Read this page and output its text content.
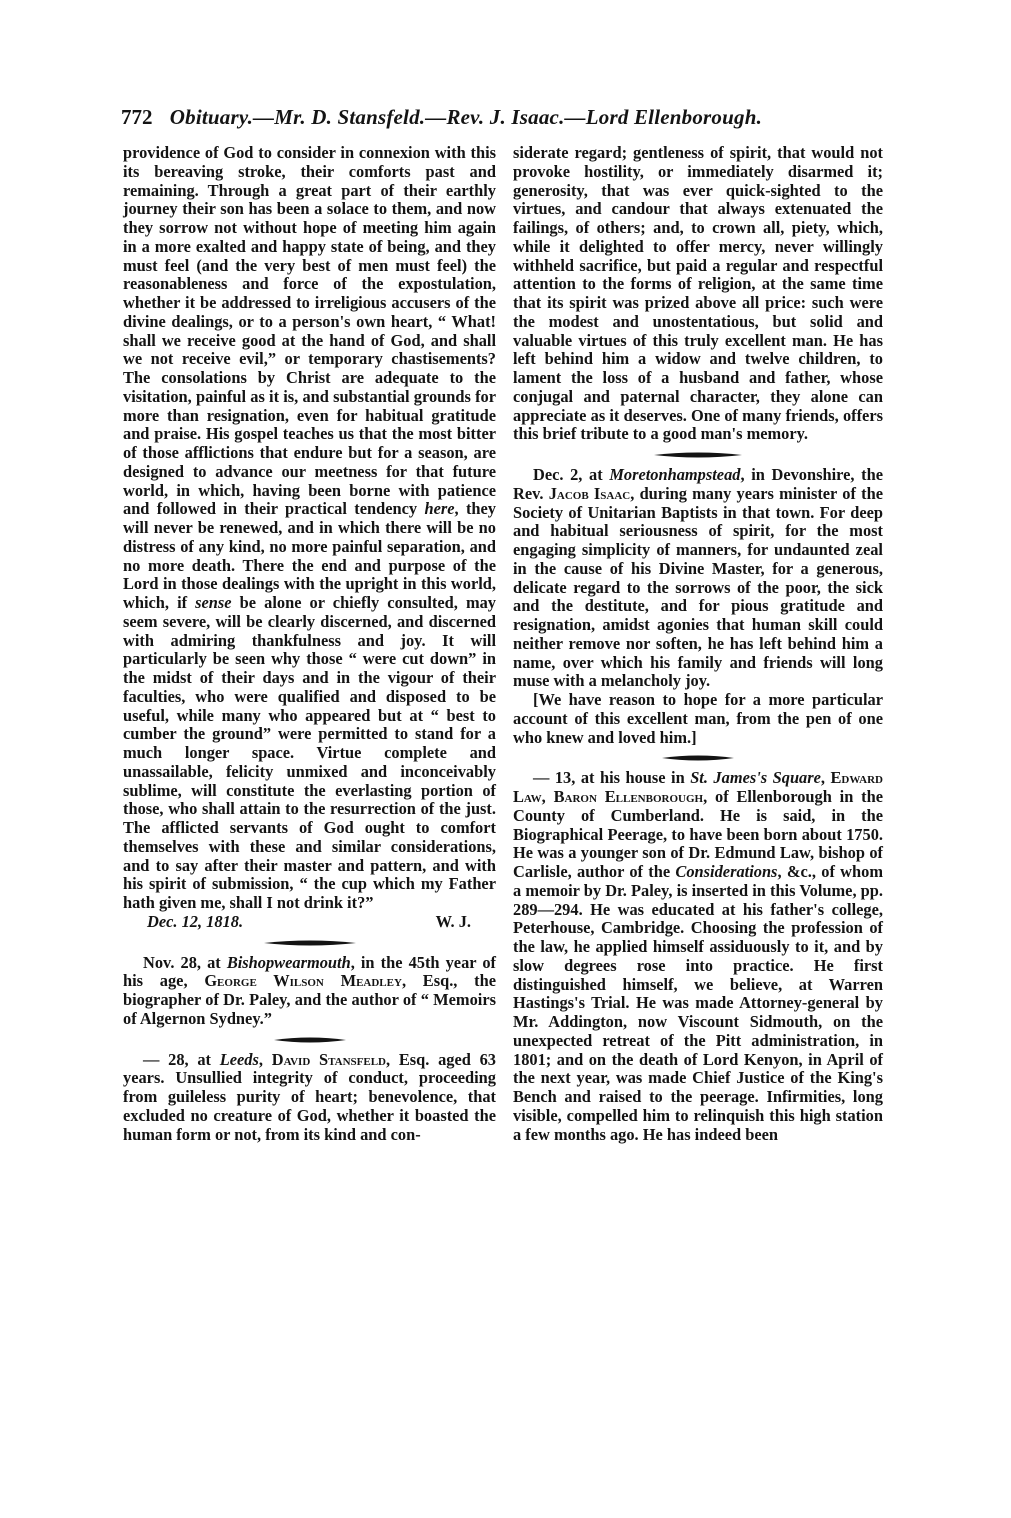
772 Obituary.—Mr. D. Stansfeld.—Rev. J. Isaac.—Lord Ellenborough.

providence of God to consider in connexion with this its bereaving stroke, their comforts past and remaining. Through a great part of their earthly journey their son has been a solace to them, and now they sorrow not without hope of meeting him again in a more exalted and happy state of being, and they must feel (and the very best of men must feel) the reasonableness and force of the expostulation, whether it be addressed to irreligious accusers of the divine dealings, or to a person's own heart, “ What! shall we receive good at the hand of God, and shall we not receive evil,” or temporary chastisements? The consolations by Christ are adequate to the visitation, painful as it is, and substantial grounds for more than resignation, even for habitual gratitude and praise. His gospel teaches us that the most bitter of those afflictions that endure but for a season, are designed to advance our meetness for that future world, in which, having been borne with patience and followed in their practical tendency here, they will never be renewed, and in which there will be no distress of any kind, no more painful separation, and no more death. There the end and purpose of the Lord in those dealings with the upright in this world, which, if sense be alone or chiefly consulted, may seem severe, will be clearly discerned, and discerned with admiring thankfulness and joy. It will particularly be seen why those “ were cut down” in the midst of their days and in the vigour of their faculties, who were qualified and disposed to be useful, while many who appeared but at “ best to cumber the ground” were permitted to stand for a much longer space. Virtue complete and unassailable, felicity unmixed and inconceivably sublime, will constitute the everlasting portion of those, who shall attain to the resurrection of the just. The afflicted servants of God ought to comfort themselves with these and similar considerations, and to say after their master and pattern, and with his spirit of submission, “ the cup which my Father hath given me, shall I not drink it?”

Dec. 12, 1818.	W. J.

Nov. 28, at Bishopwearmouth, in the 45th year of his age, George Wilson Meadley, Esq., the biographer of Dr. Paley, and the author of “ Memoirs of Algernon Sydney.”

— 28, at Leeds, David Stansfeld, Esq. aged 63 years. Unsullied integrity of conduct, proceeding from guileless purity of heart; benevolence, that excluded no creature of God, whether it boasted the human form or not, from its kind and con-

siderate regard; gentleness of spirit, that would not provoke hostility, or immediately disarmed it; generosity, that was ever quick-sighted to the virtues, and candour that always extenuated the failings, of others; and, to crown all, piety, which, while it delighted to offer mercy, never willingly withheld sacrifice, but paid a regular and respectful attention to the forms of religion, at the same time that its spirit was prized above all price: such were the modest and unostentatious, but solid and valuable virtues of this truly excellent man. He has left behind him a widow and twelve children, to lament the loss of a husband and father, whose conjugal and paternal character, they alone can appreciate as it deserves. One of many friends, offers this brief tribute to a good man's memory.

Dec. 2, at Moretonhampstead, in Devonshire, the Rev. Jacob Isaac, during many years minister of the Society of Unitarian Baptists in that town. For deep and habitual seriousness of spirit, for the most engaging simplicity of manners, for undaunted zeal in the cause of his Divine Master, for a generous, delicate regard to the sorrows of the poor, the sick and the destitute, and for pious gratitude and resignation, amidst agonies that human skill could neither remove nor soften, he has left behind him a name, over which his family and friends will long muse with a melancholy joy.

[We have reason to hope for a more particular account of this excellent man, from the pen of one who knew and loved him.]

— 13, at his house in St. James's Square, Edward Law, Baron Ellenborough, of Ellenborough in the County of Cumberland. He is said, in the Biographical Peerage, to have been born about 1750. He was a younger son of Dr. Edmund Law, bishop of Carlisle, author of the Considerations, &c., of whom a memoir by Dr. Paley, is inserted in this Volume, pp. 289—294. He was educated at his father's college, Peterhouse, Cambridge. Choosing the profession of the law, he applied himself assiduously to it, and by slow degrees rose into practice. He first distinguished himself, we believe, at Warren Hastings's Trial. He was made Attorney-general by Mr. Addington, now Viscount Sidmouth, on the unexpected retreat of the Pitt administration, in 1801; and on the death of Lord Kenyon, in April of the next year, was made Chief Justice of the King's Bench and raised to the peerage. Infirmities, long visible, compelled him to relinquish this high station a few months ago. He has indeed been
